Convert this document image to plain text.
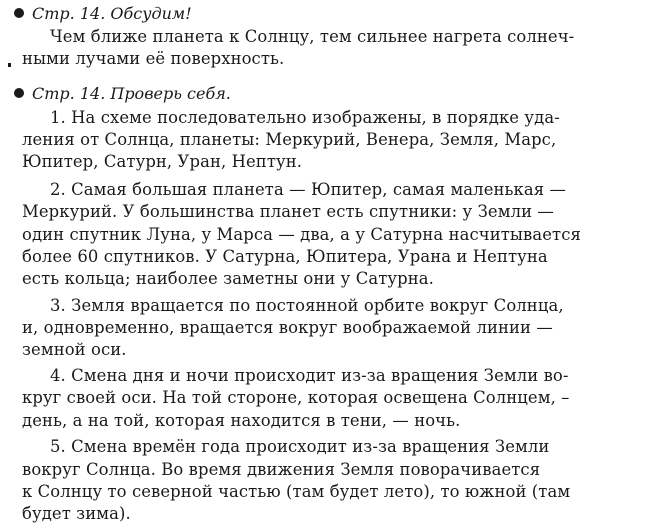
Стр. 14. Обсудим!
Чем ближе планета к Солнцу, тем сильнее нагрета солнеч-
ными лучами её поверхность.
Стр. 14. Проверь себя.
1. На схеме последовательно изображены, в порядке уда-
ления от Солнца, планеты: Меркурий, Венера, Земля, Марс,
Юпитер, Сатурн, Уран, Нептун.
2. Самая большая планета — Юпитер, самая маленькая —
Меркурий. У большинства планет есть спутники: у Земли —
один спутник Луна, у Марса — два, а у Сатурна насчитывается
более 60 спутников. У Сатурна, Юпитера, Урана и Нептуна
есть кольца; наиболее заметны они у Сатурна.
3. Земля вращается по постоянной орбите вокруг Солнца,
и, одновременно, вращается вокруг воображаемой линии —
земной оси.
4. Смена дня и ночи происходит из-за вращения Земли во-
круг своей оси. На той стороне, которая освещена Солнцем, –
день, а на той, которая находится в тени, — ночь.
5. Смена времён года происходит из-за вращения Земли
вокруг Солнца. Во время движения Земля поворачивается
к Солнцу то северной частью (там будет лето), то южной (там
будет зима).
